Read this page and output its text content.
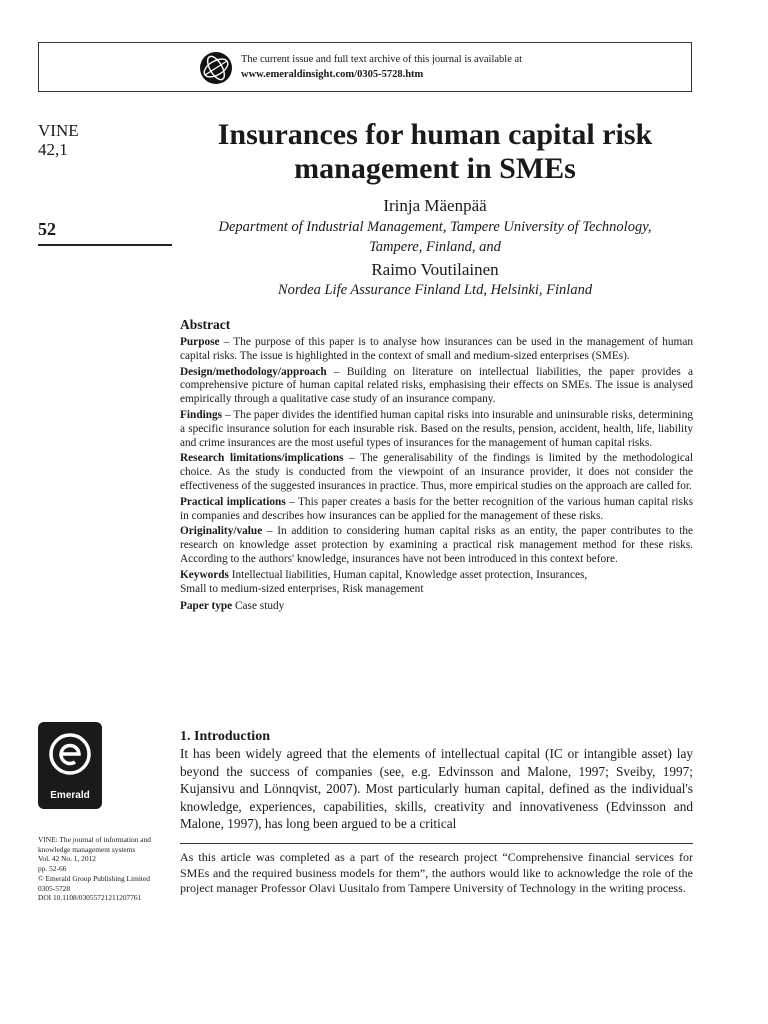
The current issue and full text archive of this journal is available at
www.emeraldinsight.com/0305-5728.htm
VINE
42,1
52
Insurances for human capital risk
management in SMEs
Irinja Mäenpää
Department of Industrial Management, Tampere University of Technology,
Tampere, Finland, and
Raimo Voutilainen
Nordea Life Assurance Finland Ltd, Helsinki, Finland
Abstract

Purpose – The purpose of this paper is to analyse how insurances can be used in the management of human capital risks. The issue is highlighted in the context of small and medium-sized enterprises (SMEs).

Design/methodology/approach – Building on literature on intellectual liabilities, the paper provides a comprehensive picture of human capital related risks, emphasising their effects on SMEs. The issue is analysed empirically through a qualitative case study of an insurance company.

Findings – The paper divides the identified human capital risks into insurable and uninsurable risks, determining a specific insurance solution for each insurable risk. Based on the results, pension, accident, health, life, liability and crime insurances are the most useful types of insurances for the management of human capital risks.

Research limitations/implications – The generalisability of the findings is limited by the methodological choice. As the study is conducted from the viewpoint of an insurance provider, it does not consider the effectiveness of the suggested insurances in practice. Thus, more empirical studies on the approach are called for.

Practical implications – This paper creates a basis for the better recognition of the various human capital risks in companies and describes how insurances can be applied for the management of these risks.

Originality/value – In addition to considering human capital risks as an entity, the paper contributes to the research on knowledge asset protection by examining a practical risk management method for these risks. According to the authors' knowledge, insurances have not been introduced in this context before.

Keywords Intellectual liabilities, Human capital, Knowledge asset protection, Insurances,
Small to medium-sized enterprises, Risk management
Paper type Case study
Emerald
VINE: The journal of information and
knowledge management systems
Vol. 42 No. 1, 2012
pp. 52-66
© Emerald Group Publishing Limited
0305-5728
DOI 10.1108/03055721211207761
1. Introduction
It has been widely agreed that the elements of intellectual capital (IC or intangible asset) lay beyond the success of companies (see, e.g. Edvinsson and Malone, 1997; Sveiby, 1997; Kujansivu and Lönnqvist, 2007). Most particularly human capital, defined as the individual's knowledge, experiences, capabilities, skills, creativity and innovativeness (Edvinsson and Malone, 1997), has long been argued to be a critical
As this article was completed as a part of the research project “Comprehensive financial services for SMEs and the required business models for them”, the authors would like to acknowledge the role of the project manager Professor Olavi Uusitalo from Tampere University of Technology in the writing process.
